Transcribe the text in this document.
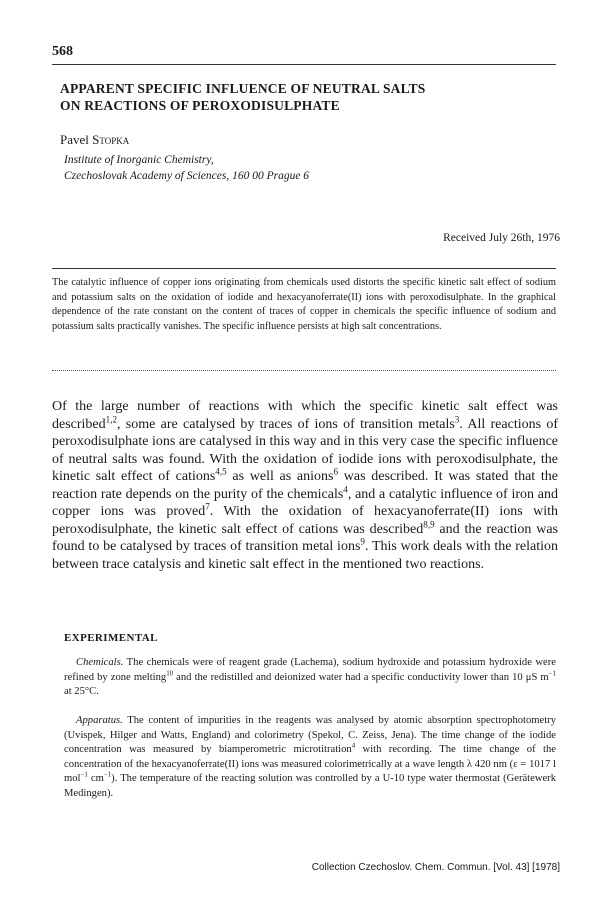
568
APPARENT SPECIFIC INFLUENCE OF NEUTRAL SALTS
ON REACTIONS OF PEROXODISULPHATE
Pavel Stopka
Institute of Inorganic Chemistry,
Czechoslovak Academy of Sciences, 160 00 Prague 6
Received July 26th, 1976
The catalytic influence of copper ions originating from chemicals used distorts the specific kinetic salt effect of sodium and potassium salts on the oxidation of iodide and hexacyanoferrate(II) ions with peroxodisulphate. In the graphical dependence of the rate constant on the content of traces of copper in chemicals the specific influence of sodium and potassium salts practically vanishes. The specific influence persists at high salt concentrations.
Of the large number of reactions with which the specific kinetic salt effect was described$^{1,2}$, some are catalysed by traces of ions of transition metals$^3$. All reactions of peroxodisulphate ions are catalysed in this way and in this very case the specific influence of neutral salts was found. With the oxidation of iodide ions with peroxodisulphate, the kinetic salt effect of cations$^{4,5}$ as well as anions$^6$ was described. It was stated that the reaction rate depends on the purity of the chemicals$^4$, and a catalytic influence of iron and copper ions was proved$^7$. With the oxidation of hexacyanoferrate(II) ions with peroxodisulphate, the kinetic salt effect of cations was described$^{8,9}$ and the reaction was found to be catalysed by traces of transition metal ions$^9$. This work deals with the relation between trace catalysis and kinetic salt effect in the mentioned two reactions.
EXPERIMENTAL
Chemicals. The chemicals were of reagent grade (Lachema), sodium hydroxide and potassium hydroxide were refined by zone melting$^{10}$ and the redistilled and deionized water had a specific conductivity lower than 10 μS $m^{-1}$ at 25°C.
Apparatus. The content of impurities in the reagents was analysed by atomic absorption spectrophotometry (Uvispek, Hilger and Watts, England) and colorimetry (Spekol, C. Zeiss, Jena). The time change of the iodide concentration was measured by biamperometric microtitration$^4$ with recording. The time change of the concentration of the hexacyanoferrate(II) ions was measured colorimetrically at a wave length λ 420 nm (ε = 1017 l mol$^{-1}$ $cm^{-1}$). The temperature of the reacting solution was controlled by a U-10 type water thermostat (Gerätewerk Medingen).
Collection Czechoslov. Chem. Commun. [Vol. 43] [1978]
